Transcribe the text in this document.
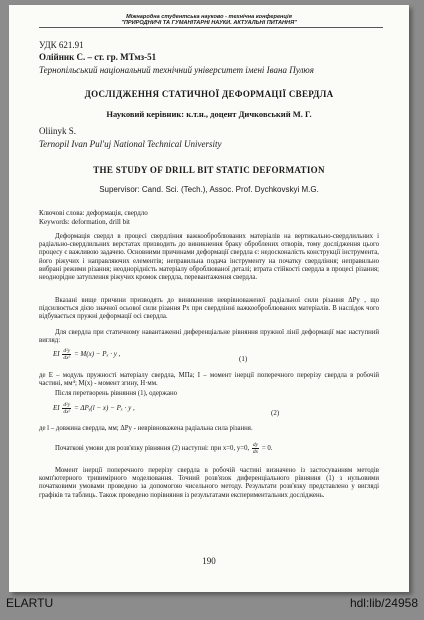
Міжнародна студентська науково - технічна конференція
"ПРИРОДНИЧІ ТА ГУМАНІТАРНІ НАУКИ. АКТУАЛЬНІ ПИТАННЯ"
УДК 621.91
Олійник С. – ст. гр. МТмз-51
Тернопільський національний технічний університет імені Івана Пулюя
ДОСЛІДЖЕННЯ СТАТИЧНОЇ ДЕФОРМАЦІЇ СВЕРДЛА
Науковий керівник: к.т.н., доцент Дичковський М. Г.
Oliinyk S.
Ternopil Ivan Pul'uj National Technical University
THE STUDY OF DRILL BIT STATIC DEFORMATION
Supervisor: Cand. Sci. (Tech.), Assoc. Prof. Dychkovskyi M.G.
Ключові слова: деформація, свердло
Keywords: deformation, drill bit
Деформація свердл в процесі свердління важкооброблюваних матеріалів на вертикально-свердлильних і радіально-свердлильних верстатах призводить до виникнення браку оброблених отворів, тому дослідження цього процесу є важливою задачею. Основними причинами деформації свердла є: недосконалість конструкції інструмента, його ріжучих і направляючих елементів; неправильна подача інструменту на початку свердління; неправильно вибрані режими різання; неоднорідність матеріалу оброблюваної деталі; втрата стійкості свердла в процесі різання; неоднорідне затуплення ріжучих кромок свердла, перевантаження свердла.
Вказані вище причини призводять до виникнення неврівноваженої радіальної сили різання ΔPy , що підсилюється дією значної осьової сили різання Px при свердлінні важкооброблюваних матеріалів. В наслідок чого відбувається пружні деформації осі свердла.
Для свердла при статичному навантаженні диференціальне рівняння пружної лінії деформації має наступний вигляд:
EI $\frac{\text{d²y}}{\text{dx²}} = M(x) - P_x \cdot y$ ,
(1)
де E – модуль пружності матеріалу свердла, МПа; I – момент інерції поперечного перерізу свердла в робочій частині, мм⁴; M(x) - момент згину, Н·мм.
Після перетворень рівняння (1), одержано
EI $\frac{\text{d²y}}{\text{dx²}}$ = ΔPᵧ(l − x) − Pₓ · y ,
(2)
де l – довжина свердла, мм; ΔPy - неврівноважена радіальна сила різання.
Початкові умови для розв'язку рівняння (2) наступні: при x=0, y=0, $\frac{dy}{dx} = 0$.
Момент інерції поперечного перерізу свердла в робочій частині визначено із застосуванням методів комп'ютерного тривимірного моделювання. Точний розв'язок диференціального рівняння (1) з нульовими початковими умовами проведено за допомогою чисельного методу. Результати розв'язку представлено у вигляді графіків та таблиць. Також проведено порівняння із результатами експериментальних досліджень.
190
ELARTU	hdl:lib/24958
